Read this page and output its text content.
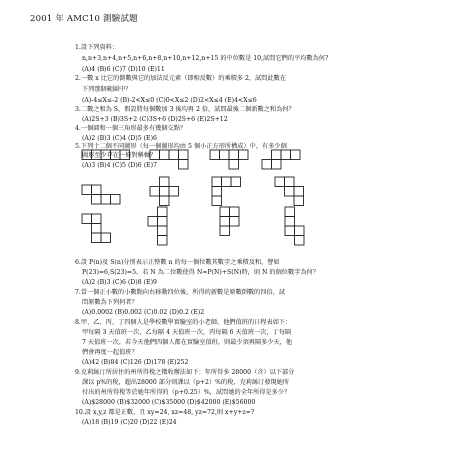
2001 年 AMC10 測驗試題
1.設下列資料：
n,n+3,n+4,n+5,n+6,n+8,n+10,n+12,n+15 的中位數是 10,試問它們的平均數為何?
(A)4 (B)6 (C)7 (D)10 (E)11
2.一數 x 比它的倒數與它的加法反元素（即相反數）的乘積多 2，試問此數在
下列那個範圍中？
(A)-4≤X≤-2 (B)-2<X≤0 (C)0<X≤2 (D)2<X≤4 (E)4<X≤6
3.二數之和為 S，假設將每個數加 3 後均再 2 倍，試問最後二個新數之和為何？
(A)2S+3 (B)3S+2 (C)3S+6 (D)2S+6 (E)2S+12
4.一個圓和一個三角形最多有幾個交點？
(A)2 (B)3 (C)4 (D)5 (E)6
5.下列十二個不同圖形（每一個圖形均由 5 個小正方形所構成）中，有多少個
圖形至少存在一條對稱軸？
(A)3 (B)4 (C)5 (D)6 (E)7
6.設 P(n)及 S(n)分別表示正整數 n 的每一個位數其數字之乘積及和，譬如
P(23)=6,S(23)=5。若 N 為二位數使得 N=P(N)+S(N)時，則 N 的個位數字為何？
(A)2 (B)3 (C)6 (D)8 (E)9
7.當一個正小數的小數點向右移動四位後，所得的新數是原數倒數的四倍，試
問原數為下列何者？
(A)0.0002 (B)0.002 (C)0.02 (D)0.2 (E)2
8.甲、乙、丙、丁四個人是學校數學實驗室的小老師，他們值班的日程表如下：
甲每隔 3 天值班一次，乙每隔 4 天值班一次，丙每隔 6 天值班一次，丁每隔
7 天值班一次，若今天他們四個人都在實驗室值班，則最少須再隔多少天，他
們會再度一起值班？
(A)42 (B)84 (C)126 (D)178 (E)252
9.克莉絲汀所居住的州所得稅之徵收辦法如下：年所得多 28000（含）以下部分
課以 p%的稅，超出28000 部分則課以（p+2）%的稅，克莉絲汀發現她所
付出的州所得稅等於她年所得的（p+0.25）%，試問她的全年所得是多少？
(A)$28000 (B)$32000 (C)$35000 (D)$42000 (E)$56000
10.設 x,y,z 都是正數，且 xy=24, xz=48, yz=72,則 x+y+z=?
(A)18 (B)19 (C)20 (D)22 (E)24
